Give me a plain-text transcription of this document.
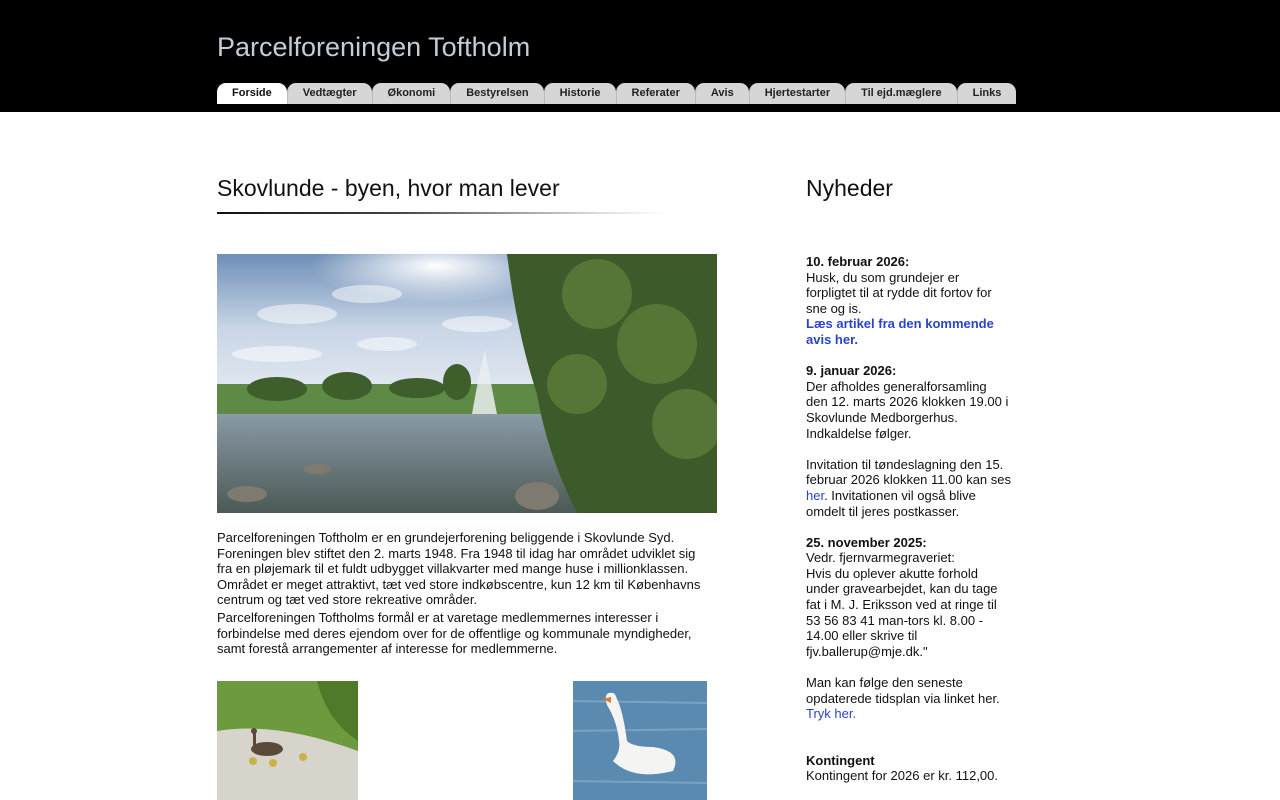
Parcelforeningen Toftholm
Forside	Vedtægter	Økonomi	Bestyrelsen	Historie	Referater	Avis	Hjertestarter	Til ejd.mæglere	Links
Skovlunde - byen, hvor man lever

Parcelforeningen Toftholm er en grundejerforening beliggende i Skovlunde Syd. Foreningen blev stiftet den 2. marts 1948. Fra 1948 til idag har området udviklet sig fra en pløjemark til et fuldt udbygget villakvarter med mange huse i millionklassen. Området er meget attraktivt, tæt ved store indkøbscentre, kun 12 km til Københavns centrum og tæt ved store rekreative områder.

Parcelforeningen Toftholms formål er at varetage medlemmernes interesser i forbindelse med deres ejendom over for de offentlige og kommunale myndigheder, samt forestå arrangementer af interesse for medlemmerne.

Nyheder
10. februar 2026:
Husk, du som grundejer er forpligtet til at rydde dit fortov for sne og is.
Læs artikel fra den kommende avis her.
9. januar 2026:
Der afholdes generalforsamling den 12. marts 2026 klokken 19.00 i Skovlunde Medborgerhus. Indkaldelse følger.
Invitation til tøndeslagning den 15. februar 2026 klokken 11.00 kan ses her. Invitationen vil også blive omdelt til jeres postkasser.
25. november 2025:
Vedr. fjernvarmegraveriet:
Hvis du oplever akutte forhold under gravearbejdet, kan du tage fat i M. J. Eriksson ved at ringe til 53 56 83 41 man-tors kl. 8.00 - 14.00 eller skrive til fjv.ballerup@mje.dk."
Man kan følge den seneste opdaterede tidsplan via linket her.
Tryk her.
Kontingent
Kontingent for 2026 er kr. 112,00.
